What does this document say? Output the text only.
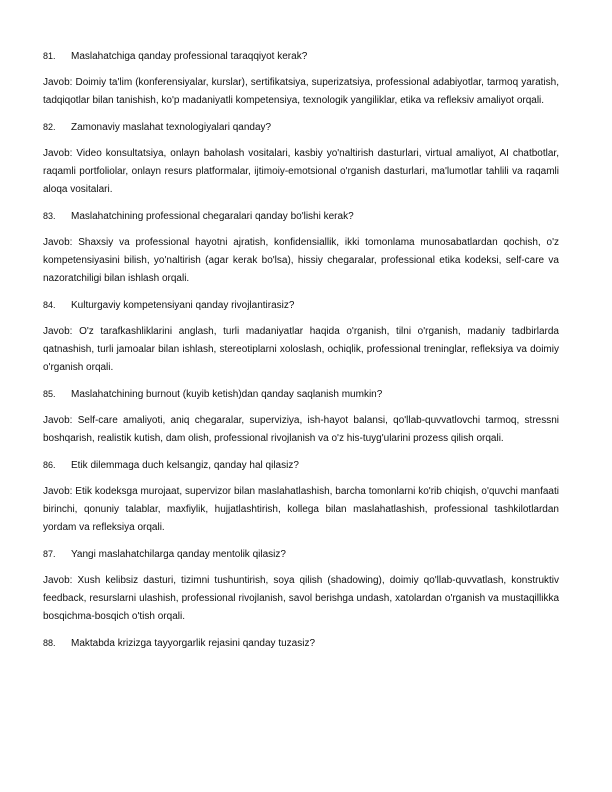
81.	Maslahatchiga qanday professional taraqqiyot kerak?
Javob: Doimiy ta'lim (konferensiyalar, kurslar), sertifikatsiya, superizatsiya, professional adabiyotlar, tarmoq yaratish, tadqiqotlar bilan tanishish, ko'p madaniyatli kompetensiya, texnologik yangiliklar, etika va refleksiv amaliyot orqali.
82.	Zamonaviy maslahat texnologiyalari qanday?
Javob: Video konsultatsiya, onlayn baholash vositalari, kasbiy yo'naltirish dasturlari, virtual amaliyot, AI chatbotlar, raqamli portfoliolar, onlayn resurs platformalar, ijtimoiy-emotsional o'rganish dasturlari, ma'lumotlar tahlili va raqamli aloqa vositalari.
83.	Maslahatchining professional chegaralari qanday bo'lishi kerak?
Javob: Shaxsiy va professional hayotni ajratish, konfidensiallik, ikki tomonlama munosabatlardan qochish, o'z kompetensiyasini bilish, yo'naltirish (agar kerak bo'lsa), hissiy chegaralar, professional etika kodeksi, self-care va nazoratchiligi bilan ishlash orqali.
84.	Kulturgaviy kompetensiyani qanday rivojlantirasiz?
Javob: O'z tarafkashliklarini anglash, turli madaniyatlar haqida o'rganish, tilni o'rganish, madaniy tadbirlarda qatnashish, turli jamoalar bilan ishlash, stereotiplarni xoloslash, ochiqlik, professional treninglar, refleksiya va doimiy o'rganish orqali.
85.	Maslahatchining burnout (kuyib ketish)dan qanday saqlanish mumkin?
Javob: Self-care amaliyoti, aniq chegaralar, superviziya, ish-hayot balansi, qo'llab-quvvatlovchi tarmoq, stressni boshqarish, realistik kutish, dam olish, professional rivojlanish va o'z his-tuyg'ularini prozess qilish orqali.
86.	Etik dilemmaga duch kelsangiz, qanday hal qilasiz?
Javob: Etik kodeksga murojaat, supervizor bilan maslahatlashish, barcha tomonlarni ko'rib chiqish, o'quvchi manfaati birinchi, qonuniy talablar, maxfiylik, hujjatlashtirish, kollega bilan maslahatlashish, professional tashkilotlardan yordam va refleksiya orqali.
87.	Yangi maslahatchilarga qanday mentolik qilasiz?
Javob: Xush kelibsiz dasturi, tizimni tushuntirish, soya qilish (shadowing), doimiy qo'llab-quvvatlash, konstruktiv feedback, resurslarni ulashish, professional rivojlanish, savol berishga undash, xatolardan o'rganish va mustaqillikka bosqichma-bosqich o'tish orqali.
88.	Maktabda krizizga tayyorgarlik rejasini qanday tuzasiz?
